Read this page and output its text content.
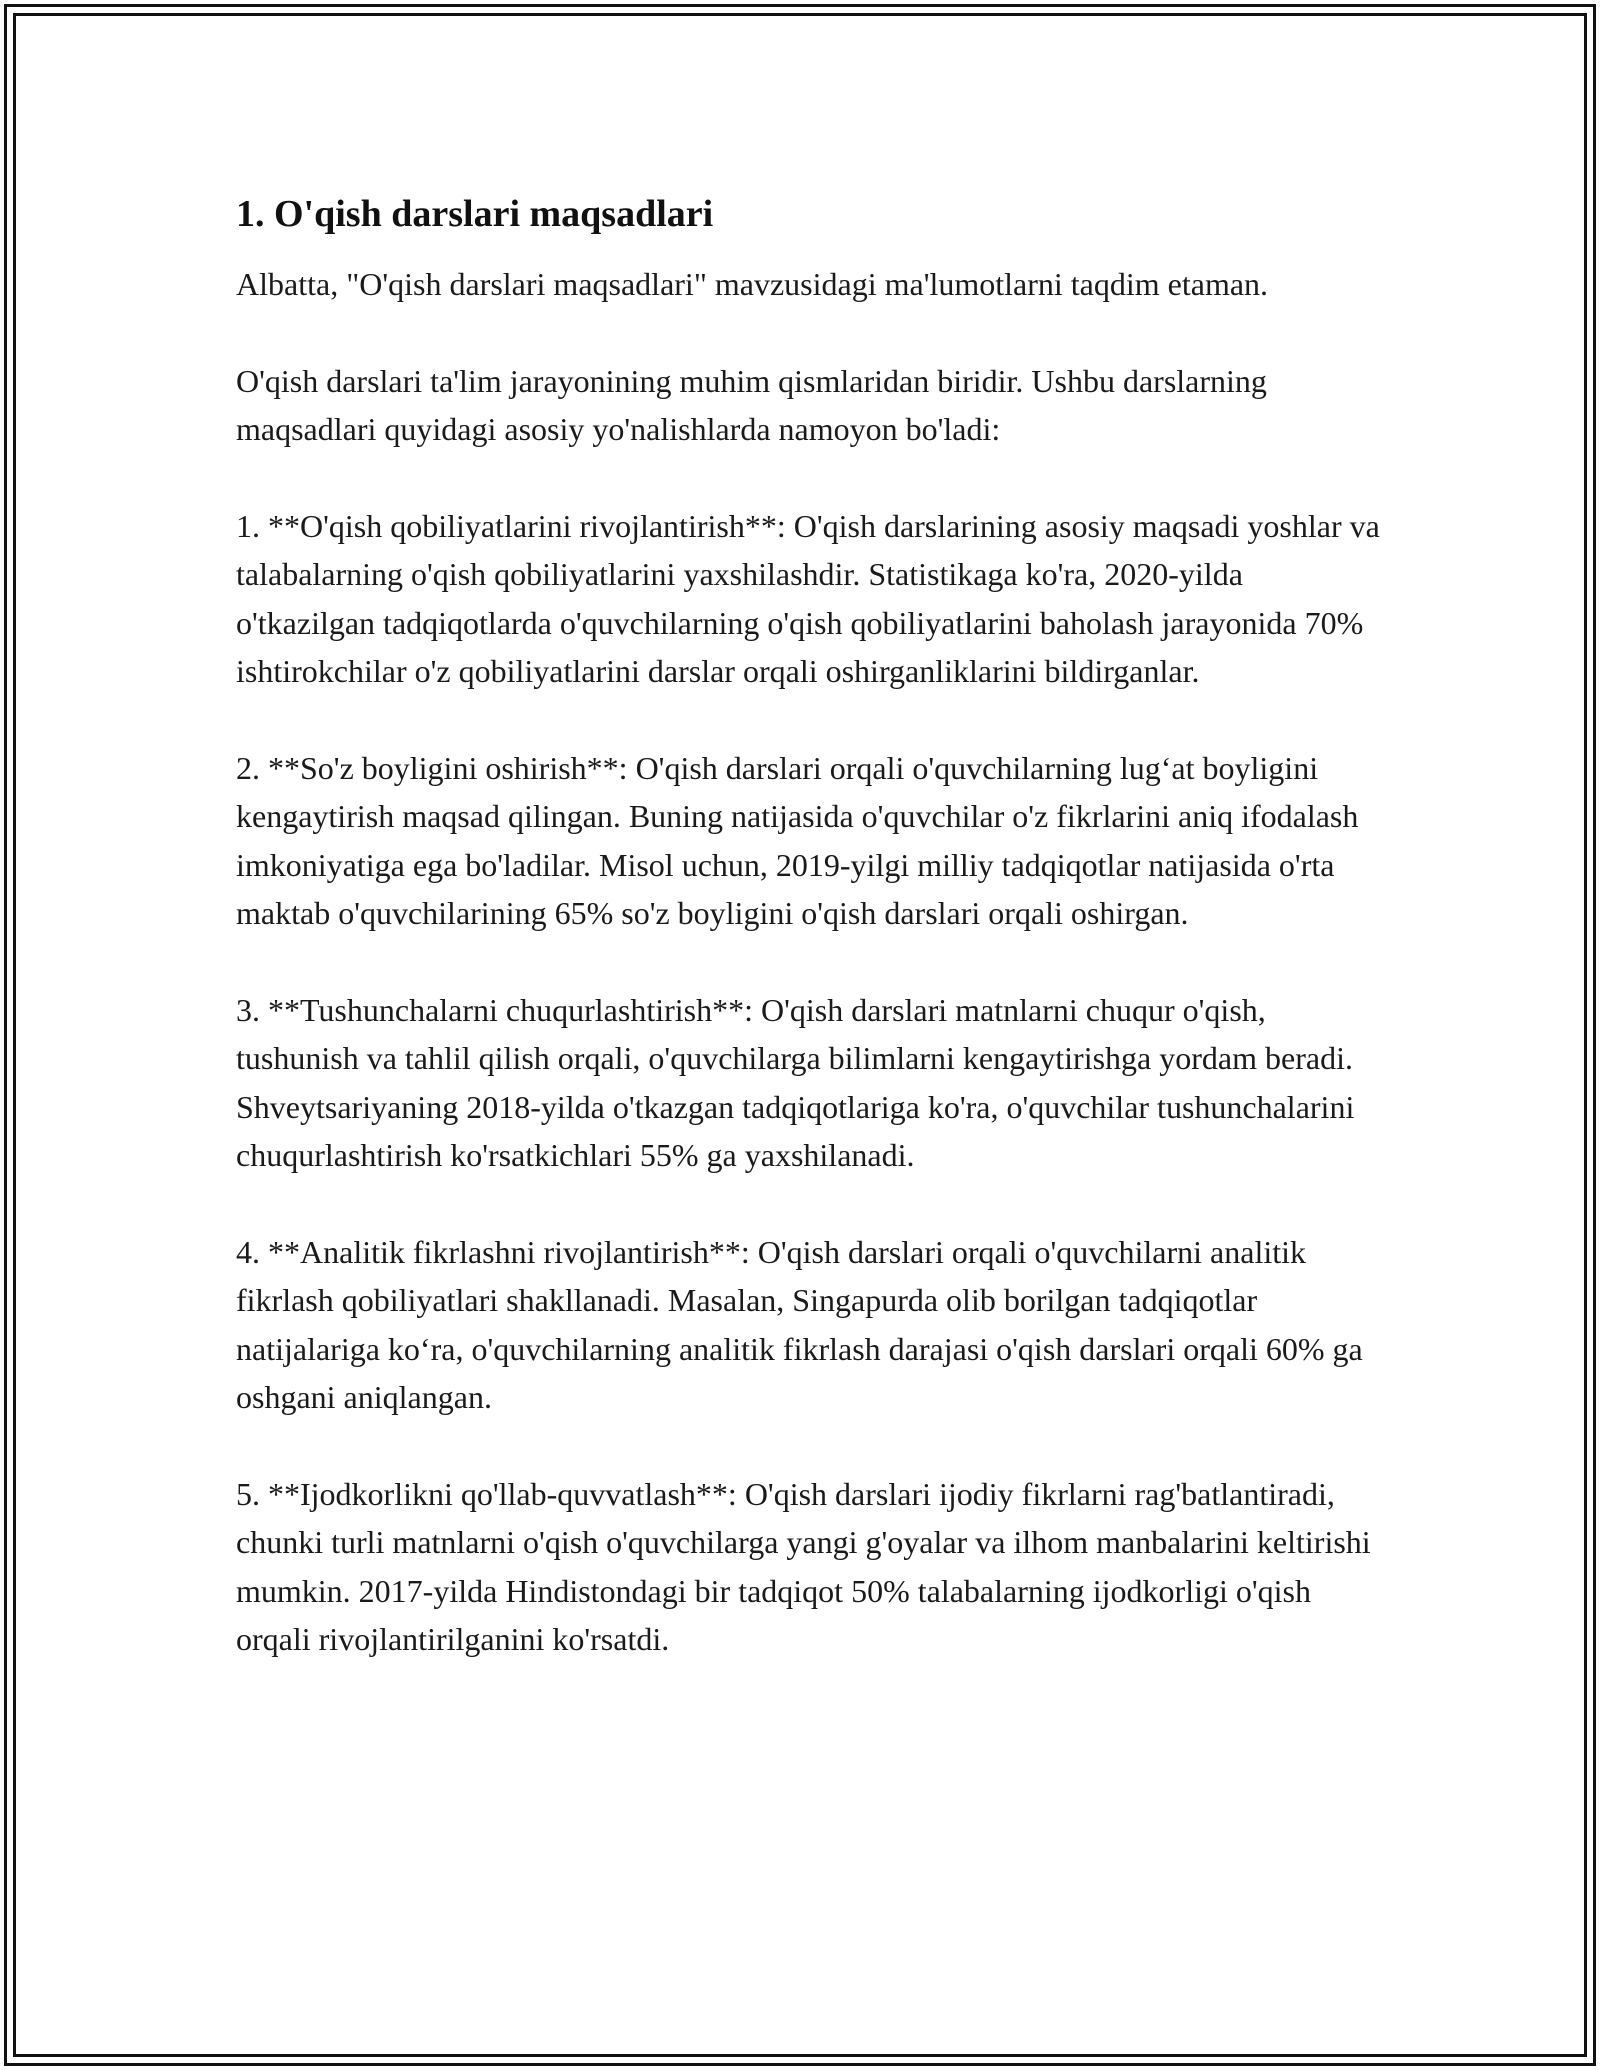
1. O'qish darslari maqsadlari

Albatta, "O'qish darslari maqsadlari" mavzusidagi ma'lumotlarni taqdim etaman.

O'qish darslari ta'lim jarayonining muhim qismlaridan biridir. Ushbu darslarning maqsadlari quyidagi asosiy yo'nalishlarda namoyon bo'ladi:

1. **O'qish qobiliyatlarini rivojlantirish**: O'qish darslarining asosiy maqsadi yoshlar va talabalarning o'qish qobiliyatlarini yaxshilashdir. Statistikaga ko'ra, 2020-yilda o'tkazilgan tadqiqotlarda o'quvchilarning o'qish qobiliyatlarini baholash jarayonida 70% ishtirokchilar o'z qobiliyatlarini darslar orqali oshirganliklarini bildirganlar.

2. **So'z boyligini oshirish**: O'qish darslari orqali o'quvchilarning lug‘at boyligini kengaytirish maqsad qilingan. Buning natijasida o'quvchilar o'z fikrlarini aniq ifodalash imkoniyatiga ega bo'ladilar. Misol uchun, 2019-yilgi milliy tadqiqotlar natijasida o'rta maktab o'quvchilarining 65% so'z boyligini o'qish darslari orqali oshirgan.

3. **Tushunchalarni chuqurlashtirish**: O'qish darslari matnlarni chuqur o'qish, tushunish va tahlil qilish orqali, o'quvchilarga bilimlarni kengaytirishga yordam beradi. Shveytsariyaning 2018-yilda o'tkazgan tadqiqotlariga ko'ra, o'quvchilar tushunchalarini chuqurlashtirish ko'rsatkichlari 55% ga yaxshilanadi.

4. **Analitik fikrlashni rivojlantirish**: O'qish darslari orqali o'quvchilarni analitik fikrlash qobiliyatlari shakllanadi. Masalan, Singapurda olib borilgan tadqiqotlar natijalariga ko‘ra, o'quvchilarning analitik fikrlash darajasi o'qish darslari orqali 60% ga oshgani aniqlangan.

5. **Ijodkorlikni qo'llab-quvvatlash**: O'qish darslari ijodiy fikrlarni rag'batlantiradi, chunki turli matnlarni o'qish o'quvchilarga yangi g'oyalar va ilhom manbalarini keltirishi mumkin. 2017-yilda Hindistondagi bir tadqiqot 50% talabalarning ijodkorligi o'qish orqali rivojlantirilganini ko'rsatdi.
